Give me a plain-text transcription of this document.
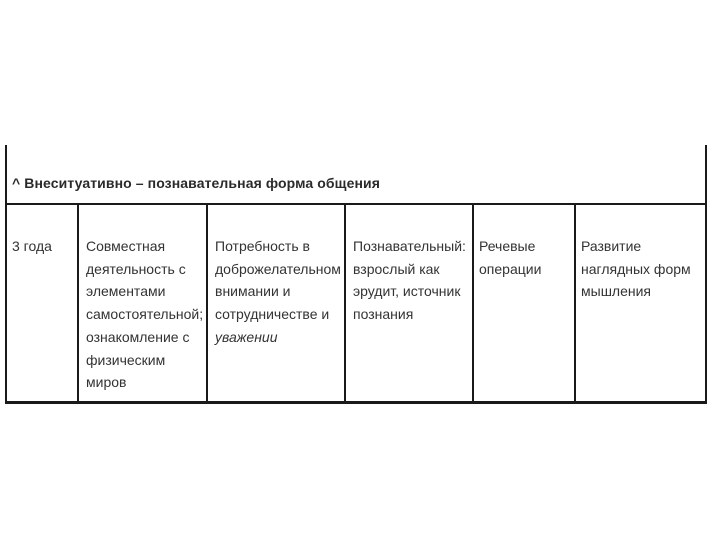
^ Внеситуативно – познавательная форма общения
3 года Совместная
деятельность с
элементами
самостоятельной;
ознакомление с
физическим
миров
Потребность в
доброжелательном
внимании и
сотрудничестве и
уважении
Познавательный:
взрослый как
эрудит, источник
познания
Речевые
операции
Развитие
наглядных форм
мышления
